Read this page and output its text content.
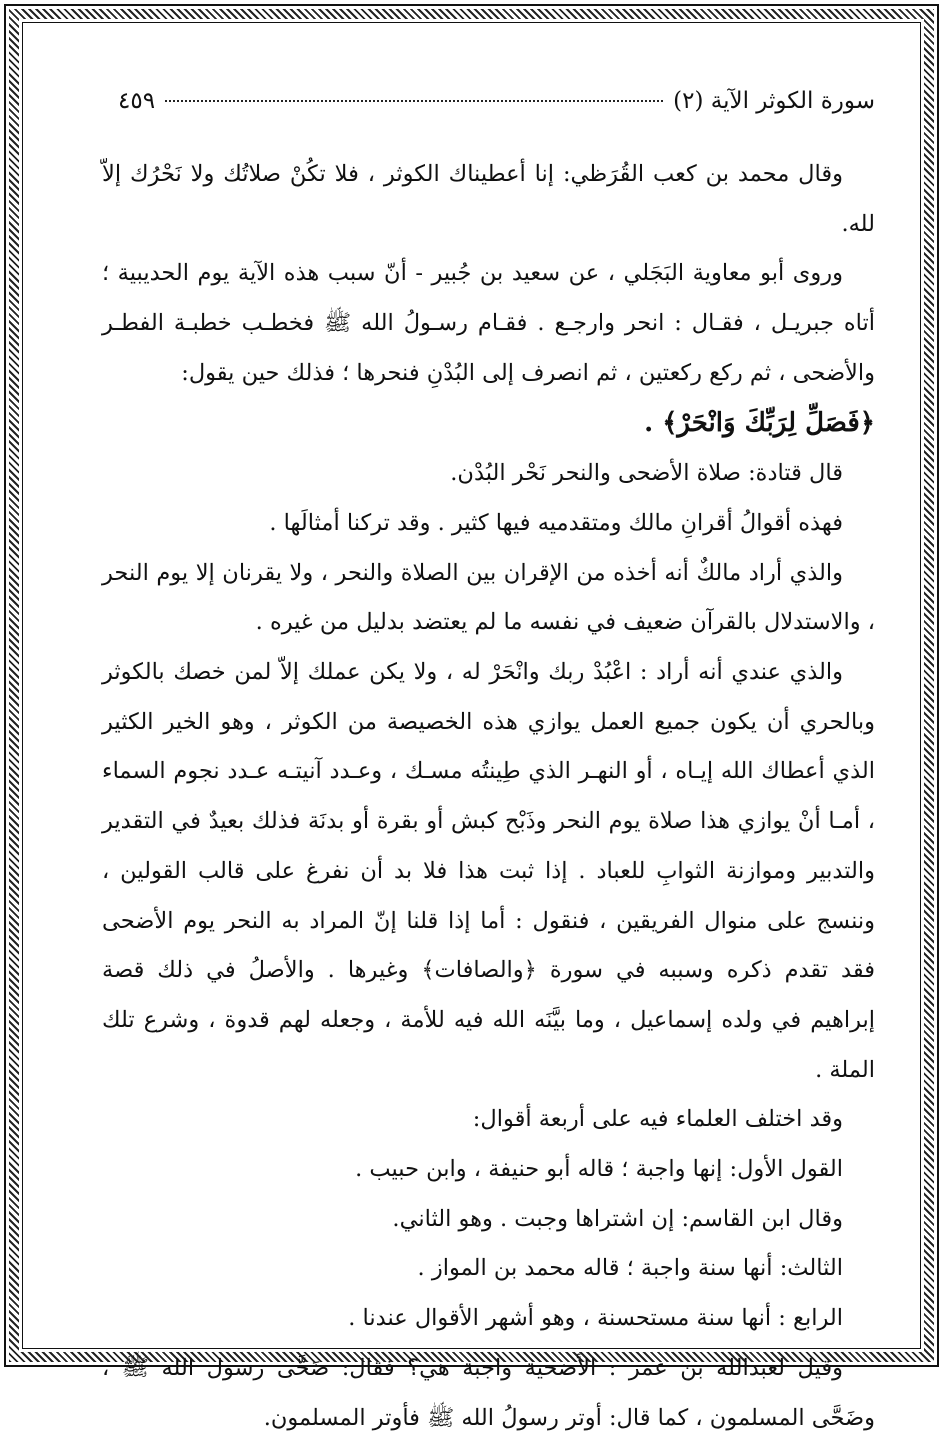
سورة الكوثر الآية (٢)
٤٥٩

وقال محمد بن كعب القُرَظي: إنا أعطيناك الكوثر ، فلا تكُنْ صلاتُك ولا نَحْرُك إلاّ لله.

وروى أبو معاوية البَجَلي ، عن سعيد بن جُبير - أنّ سبب هذه الآية يوم الحديبية ؛ أتاه جبريـل ، فقـال : انحر وارجـع . فقـام رسـولُ الله ﷺ فخطـب خطبـة الفطـر والأضحى ، ثم ركع ركعتين ، ثم انصرف إلى البُدْنِ فنحرها ؛ فذلك حين يقول:

﴿فَصَلِّ لِرَبِّكَ وَانْحَرْ﴾ .

قال قتادة: صلاة الأضحى والنحر نَحْر البُدْن.

فهذه أقوالُ أقرانِ مالك ومتقدميه فيها كثير . وقد تركنا أمثالَها .

والذي أراد مالكٌ أنه أخذه من الإقران بين الصلاة والنحر ، ولا يقرنان إلا يوم النحر ، والاستدلال بالقرآن ضعيف في نفسه ما لم يعتضد بدليل من غيره .

والذي عندي أنه أراد : اعْبُدْ ربك وانْحَرْ له ، ولا يكن عملك إلاّ لمن خصك بالكوثر وبالحري أن يكون جميع العمل يوازي هذه الخصيصة من الكوثر ، وهو الخير الكثير الذي أعطاك الله إيـاه ، أو النهـر الذي طِينتُه مسـك ، وعـدد آنيتـه عـدد نجوم السماء ، أمـا أنْ يوازي هذا صلاة يوم النحر وذَبْح كبش أو بقرة أو بدنَة فذلك بعيدٌ في التقدير والتدبير وموازنة الثوابِ للعباد . إذا ثبت هذا فلا بد أن نفرغ على قالب القولين ، وننسج على منوال الفريقين ، فنقول : أما إذا قلنا إنّ المراد به النحر يوم الأضحى فقد تقدم ذكره وسببه في سورة ﴿والصافات﴾ وغيرها . والأصلُ في ذلك قصة إبراهيم في ولده إسماعيل ، وما بيَّنَه الله فيه للأمة ، وجعله لهم قدوة ، وشرع تلك الملة .

وقد اختلف العلماء فيه على أربعة أقوال:

القول الأول: إنها واجبة ؛ قاله أبو حنيفة ، وابن حبيب .

وقال ابن القاسم: إن اشتراها وجبت . وهو الثاني.

الثالث: أنها سنة واجبة ؛ قاله محمد بن المواز .

الرابع : أنها سنة مستحسنة ، وهو أشهر الأقوال عندنا .

وقيل لعبدالله بن عمر : الأضحية واجبة هي؟ فقال: ضَحَّى رسول الله ﷺ ، وضَحَّى المسلمون ، كما قال: أوتر رسولُ الله ﷺ فأوتر المسلمون.
